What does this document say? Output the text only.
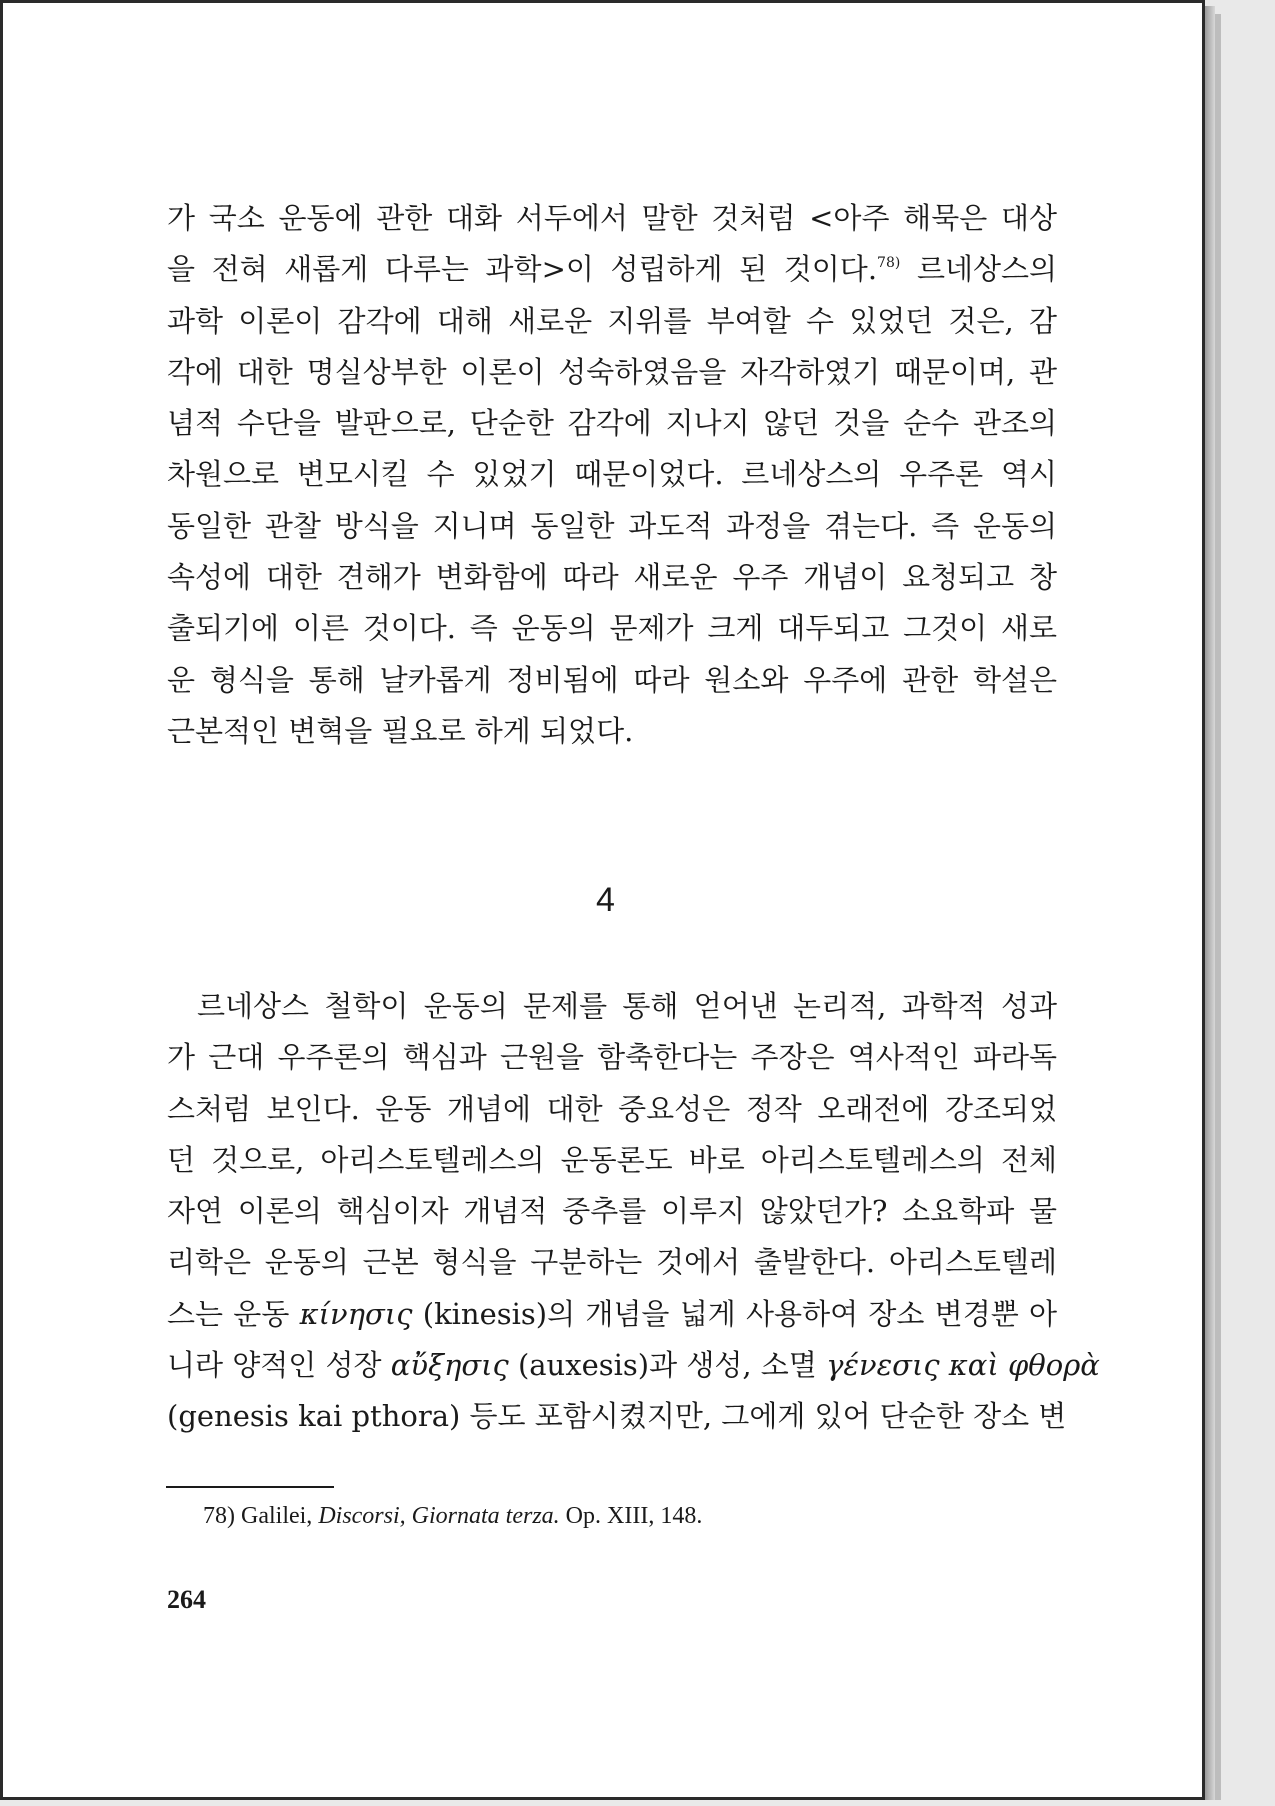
가 국소 운동에 관한 대화 서두에서 말한 것처럼 <아주 해묵은 대상
을 전혀 새롭게 다루는 과학>이 성립하게 된 것이다.$^{78)}$ 르네상스의
과학 이론이 감각에 대해 새로운 지위를 부여할 수 있었던 것은, 감
각에 대한 명실상부한 이론이 성숙하였음을 자각하였기 때문이며, 관
념적 수단을 발판으로, 단순한 감각에 지나지 않던 것을 순수 관조의
차원으로 변모시킬 수 있었기 때문이었다. 르네상스의 우주론 역시
동일한 관찰 방식을 지니며 동일한 과도적 과정을 겪는다. 즉 운동의
속성에 대한 견해가 변화함에 따라 새로운 우주 개념이 요청되고 창
출되기에 이른 것이다. 즉 운동의 문제가 크게 대두되고 그것이 새로
운 형식을 통해 날카롭게 정비됨에 따라 원소와 우주에 관한 학설은
근본적인 변혁을 필요로 하게 되었다.
4
르네상스 철학이 운동의 문제를 통해 얻어낸 논리적, 과학적 성과
가 근대 우주론의 핵심과 근원을 함축한다는 주장은 역사적인 파라독
스처럼 보인다. 운동 개념에 대한 중요성은 정작 오래전에 강조되었
던 것으로, 아리스토텔레스의 운동론도 바로 아리스토텔레스의 전체
자연 이론의 핵심이자 개념적 중추를 이루지 않았던가? 소요학파 물
리학은 운동의 근본 형식을 구분하는 것에서 출발한다. 아리스토텔레
스는 운동 κίνησις (kinesis)의 개념을 넓게 사용하여 장소 변경뿐 아
니라 양적인 성장 αὔξησις (auxesis)과 생성, 소멸 γένεσις καὶ φθορὰ
(genesis kai pthora) 등도 포함시켰지만, 그에게 있어 단순한 장소 변
78) Galilei, Discorsi, Giornata terza. Op. XIII, 148.
264
